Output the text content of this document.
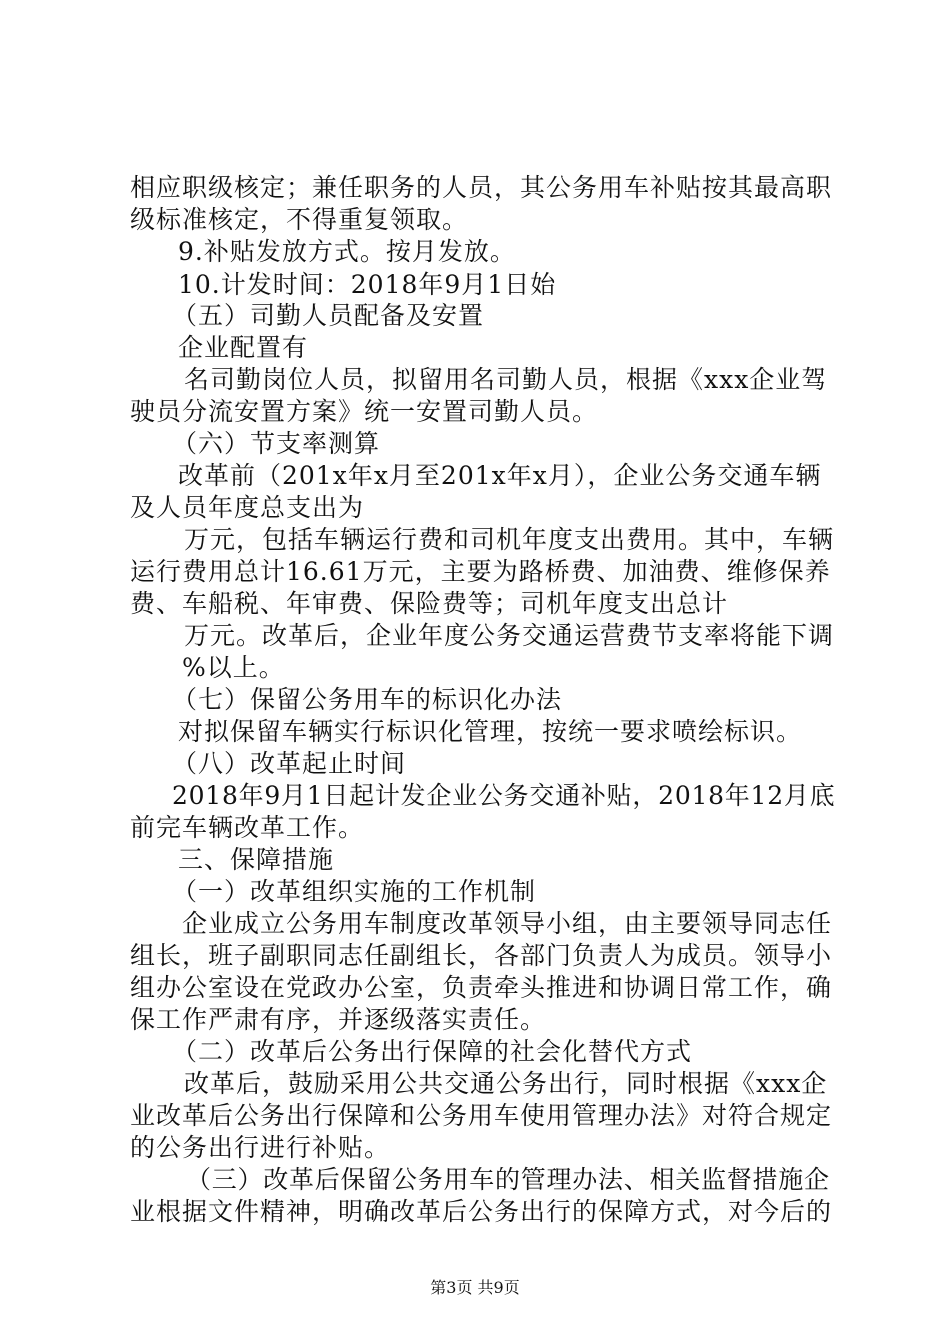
相应职级核定；兼任职务的人员，其公务用车补贴按其最高职
级标准核定，不得重复领取。
9.补贴发放方式。按月发放。
10.计发时间：2018年9月1日始
（五）司勤人员配备及安置
企业配置有
名司勤岗位人员，拟留用名司勤人员，根据《xxx企业驾
驶员分流安置方案》统一安置司勤人员。
（六）节支率测算
改革前（201x年x月至201x年x月），企业公务交通车辆
及人员年度总支出为
万元，包括车辆运行费和司机年度支出费用。其中，车辆
运行费用总计16.61万元，主要为路桥费、加油费、维修保养
费、车船税、年审费、保险费等；司机年度支出总计
万元。改革后，企业年度公务交通运营费节支率将能下调
%以上。
（七）保留公务用车的标识化办法
对拟保留车辆实行标识化管理，按统一要求喷绘标识。
（八）改革起止时间
2018年9月1日起计发企业公务交通补贴，2018年12月底
前完车辆改革工作。
三、保障措施
（一）改革组织实施的工作机制
企业成立公务用车制度改革领导小组，由主要领导同志任
组长，班子副职同志任副组长，各部门负责人为成员。领导小
组办公室设在党政办公室，负责牵头推进和协调日常工作，确
保工作严肃有序，并逐级落实责任。
（二）改革后公务出行保障的社会化替代方式
改革后，鼓励采用公共交通公务出行，同时根据《xxx企
业改革后公务出行保障和公务用车使用管理办法》对符合规定
的公务出行进行补贴。
（三）改革后保留公务用车的管理办法、相关监督措施企
业根据文件精神，明确改革后公务出行的保障方式，对今后的
第3页 共9页
